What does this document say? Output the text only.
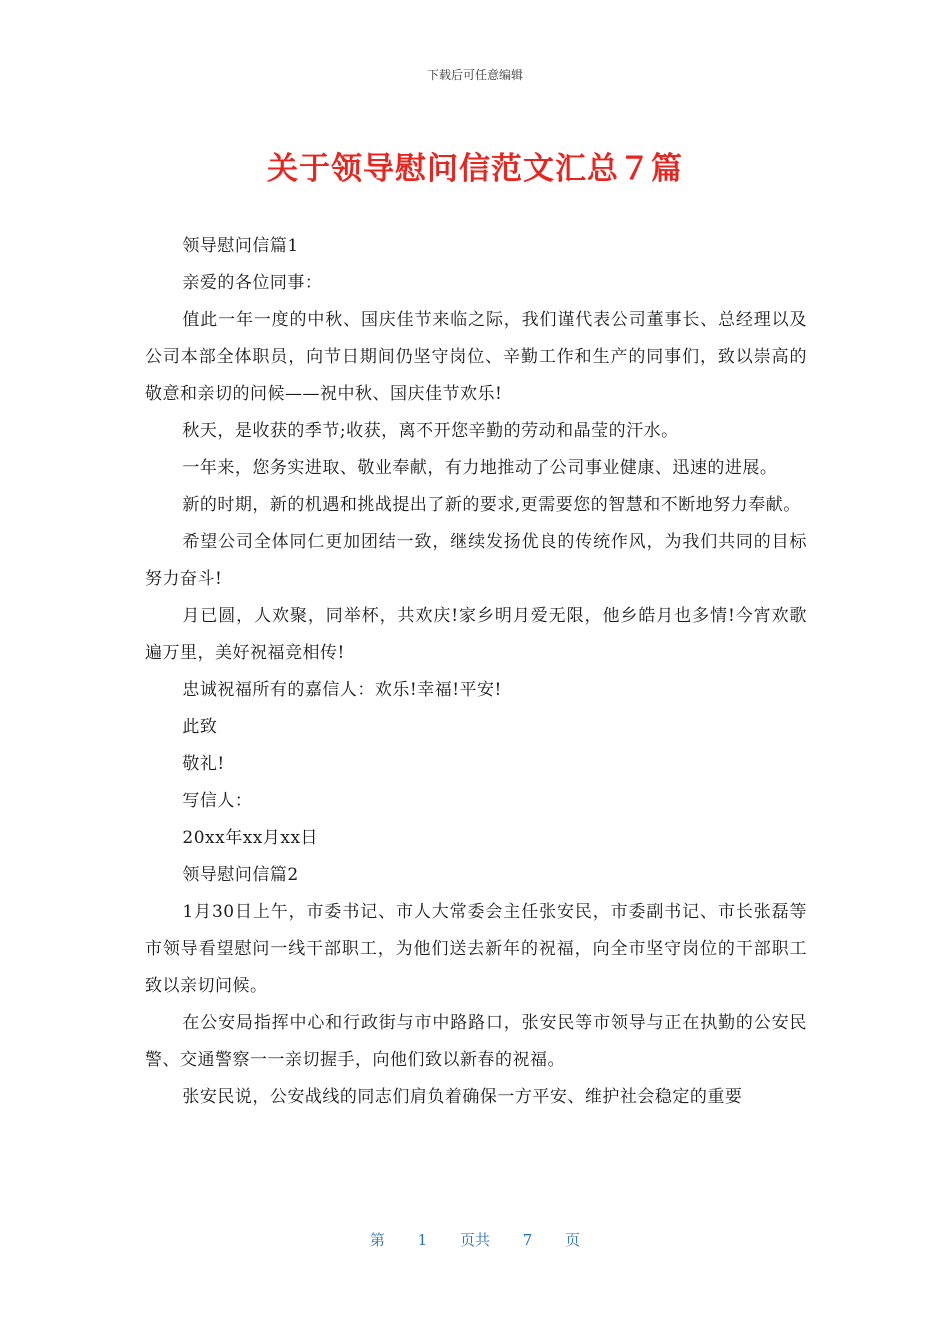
下载后可任意编辑
关于领导慰问信范文汇总７篇

领导慰问信篇1

亲爱的各位同事：

值此一年一度的中秋、国庆佳节来临之际，我们谨代表公司董事长、总经理以及公司本部全体职员，向节日期间仍坚守岗位、辛勤工作和生产的同事们，致以崇高的敬意和亲切的问候——祝中秋、国庆佳节欢乐!

秋天，是收获的季节;收获，离不开您辛勤的劳动和晶莹的汗水。

一年来，您务实进取、敬业奉献，有力地推动了公司事业健康、迅速的进展。

新的时期，新的机遇和挑战提出了新的要求,更需要您的智慧和不断地努力奉献。

希望公司全体同仁更加团结一致，继续发扬优良的传统作风，为我们共同的目标努力奋斗!

月已圆，人欢聚，同举杯，共欢庆!家乡明月爱无限，他乡皓月也多情!今宵欢歌遍万里，美好祝福竞相传!

忠诚祝福所有的嘉信人：欢乐!幸福!平安!

此致

敬礼!

写信人：

20xx年xx月xx日

领导慰问信篇2

1月30日上午，市委书记、市人大常委会主任张安民，市委副书记、市长张磊等市领导看望慰问一线干部职工，为他们送去新年的祝福，向全市坚守岗位的干部职工致以亲切问候。

在公安局指挥中心和行政街与市中路路口，张安民等市领导与正在执勤的公安民警、交通警察一一亲切握手，向他们致以新春的祝福。

张安民说，公安战线的同志们肩负着确保一方平安、维护社会稳定的重要

第 1 页共 7 页
